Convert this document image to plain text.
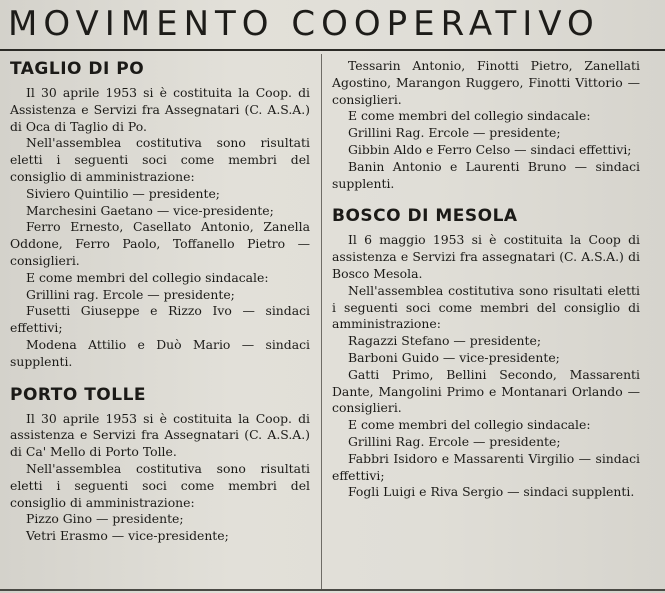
MOVIMENTO COOPERATIVO
TAGLIO DI PO

Il 30 aprile 1953 si è costituita la Coop. di Assistenza e Servizi fra Assegnatari (C. A.S.A.) di Oca di Taglio di Po.

Nell'assemblea costitutiva sono risultati eletti i seguenti soci come membri del consiglio di amministrazione:

Siviero Quintilio — presidente;

Marchesini Gaetano — vice-presidente;

Ferro Ernesto, Casellato Antonio, Zanella Oddone, Ferro Paolo, Toffanello Pietro — consiglieri.

E come membri del collegio sindacale:

Grillini rag. Ercole — presidente;

Fusetti Giuseppe e Rizzo Ivo — sindaci effettivi;

Modena Attilio e Duò Mario — sindaci supplenti.

PORTO TOLLE

Il 30 aprile 1953 si è costituita la Coop. di assistenza e Servizi fra Assegnatari (C. A.S.A.) di Ca' Mello di Porto Tolle.

Nell'assemblea costitutiva sono risultati eletti i seguenti soci come membri del consiglio di amministrazione:

Pizzo Gino — presidente;

Vetri Erasmo — vice-presidente;

Tessarin Antonio, Finotti Pietro, Zanellati Agostino, Marangon Ruggero, Finotti Vittorio — consiglieri.

E come membri del collegio sindacale:

Grillini Rag. Ercole — presidente;

Gibbin Aldo e Ferro Celso — sindaci effettivi;

Banin Antonio e Laurenti Bruno — sindaci supplenti.

BOSCO DI MESOLA

Il 6 maggio 1953 si è costituita la Coop di assistenza e Servizi fra assegnatari (C. A.S.A.) di Bosco Mesola.

Nell'assemblea costitutiva sono risultati eletti i seguenti soci come membri del consiglio di amministrazione:

Ragazzi Stefano — presidente;

Barboni Guido — vice-presidente;

Gatti Primo, Bellini Secondo, Massarenti Dante, Mangolini Primo e Montanari Orlando — consiglieri.

E come membri del collegio sindacale:

Grillini Rag. Ercole — presidente;

Fabbri Isidoro e Massarenti Virgilio — sindaci effettivi;

Fogli Luigi e Riva Sergio — sindaci supplenti.
